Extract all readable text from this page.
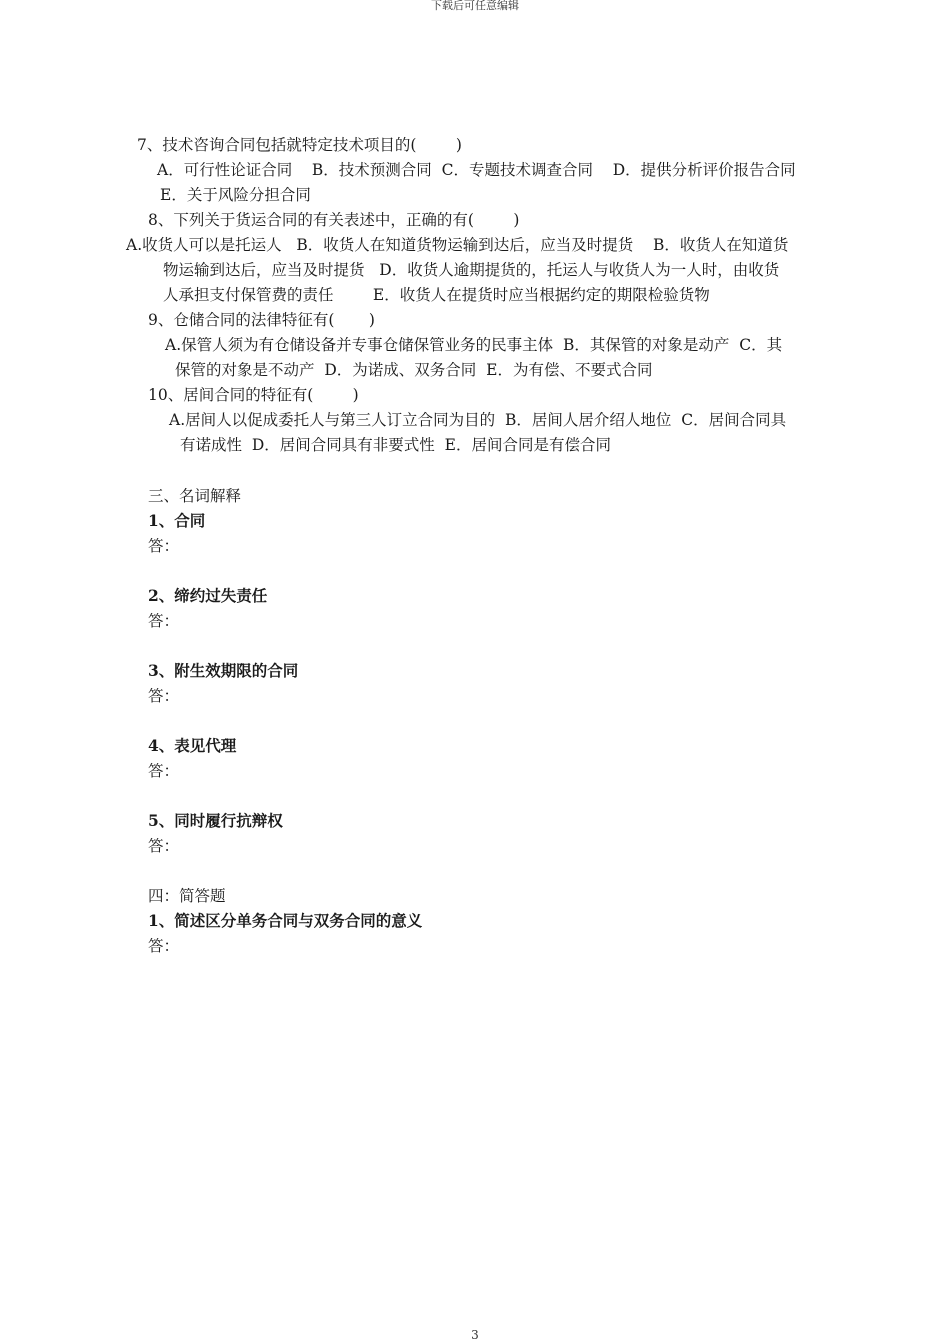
下载后可任意编辑
7、技术咨询合同包括就特定技术项目的(        )
A．可行性论证合同    B．技术预测合同  C．专题技术调查合同    D．提供分析评价报告合同
E．关于风险分担合同
8、下列关于货运合同的有关表述中，正确的有(        )
A.收货人可以是托运人   B．收货人在知道货物运输到达后，应当及时提货    B．收货人在知道货
物运输到达后，应当及时提货   D．收货人逾期提货的，托运人与收货人为一人时，由收货
人承担支付保管费的责任        E．收货人在提货时应当根据约定的期限检验货物
9、仓储合同的法律特征有(       )
A.保管人须为有仓储设备并专事仓储保管业务的民事主体  B．其保管的对象是动产  C．其
保管的对象是不动产  D．为诺成、双务合同  E．为有偿、不要式合同
10、居间合同的特征有(        )
A.居间人以促成委托人与第三人订立合同为目的  B．居间人居介绍人地位  C．居间合同具
有诺成性  D．居间合同具有非要式性  E．居间合同是有偿合同
三、名词解释
1、合同
答：
2、缔约过失责任
答：
3、附生效期限的合同
答：
4、表见代理
答：
5、同时履行抗辩权
答：
四：简答题
1、简述区分单务合同与双务合同的意义
答：
3
